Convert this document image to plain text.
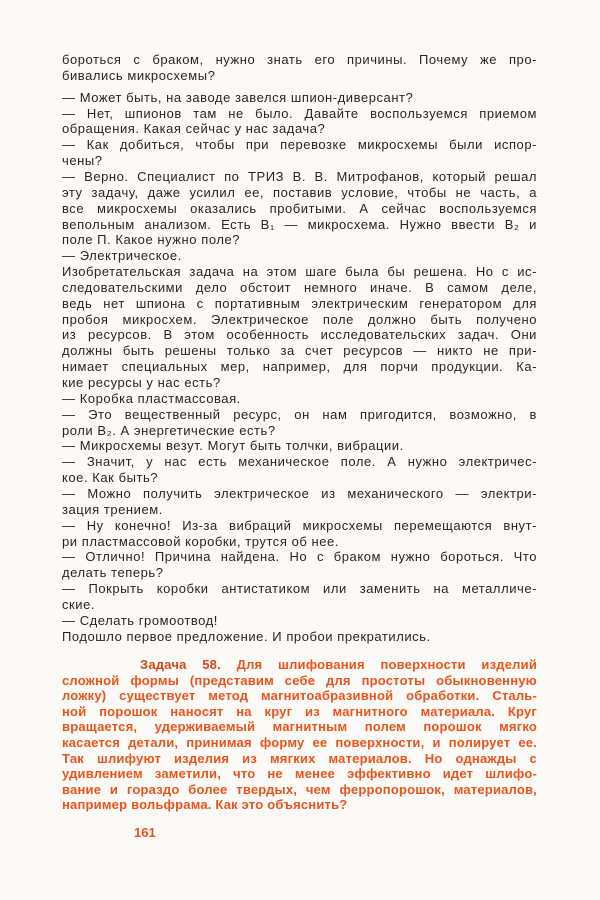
бороться с браком, нужно знать его причины. Почему же про-
бивались микросхемы?
— Может быть, на заводе завелся шпион-диверсант?
— Нет, шпионов там не было. Давайте воспользуемся приемом
обращения. Какая сейчас у нас задача?
— Как добиться, чтобы при перевозке микросхемы были испор-
чены?
— Верно. Специалист по ТРИЗ В. В. Митрофанов, который решал
эту задачу, даже усилил ее, поставив условие, чтобы не часть, а
все микросхемы оказались пробитыми. А сейчас воспользуемся
вепольным анализом. Есть В₁ — микросхема. Нужно ввести В₂ и
поле П. Какое нужно поле?
— Электрическое.
Изобретательская задача на этом шаге была бы решена. Но с ис-
следовательскими дело обстоит немного иначе. В самом деле,
ведь нет шпиона с портативным электрическим генератором для
пробоя микросхем. Электрическое поле должно быть получено
из ресурсов. В этом особенность исследовательских задач. Они
должны быть решены только за счет ресурсов — никто не при-
нимает специальных мер, например, для порчи продукции. Ка-
кие ресурсы у нас есть?
— Коробка пластмассовая.
— Это вещественный ресурс, он нам пригодится, возможно, в
роли В₂. А энергетические есть?
— Микросхемы везут. Могут быть толчки, вибрации.
— Значит, у нас есть механическое поле. А нужно электричес-
кое. Как быть?
— Можно получить электрическое из механического — электри-
зация трением.
— Ну конечно! Из-за вибраций микросхемы перемещаются внут-
ри пластмассовой коробки, трутся об нее.
— Отлично! Причина найдена. Но с браком нужно бороться. Что
делать теперь?
— Покрыть коробки антистатиком или заменить на металличе-
ские.
— Сделать громоотвод!
Подошло первое предложение. И пробои прекратились.
Задача 58. Для шлифования поверхности изделий
сложной формы (представим себе для простоты обыкновенную
ложку) существует метод магнитоабразивной обработки. Сталь-
ной порошок наносят на круг из магнитного материала. Круг
вращается, удерживаемый магнитным полем порошок мягко
касается детали, принимая форму ее поверхности, и полирует ее.
Так шлифуют изделия из мягких материалов. Но однажды с
удивлением заметили, что не менее эффективно идет шлифо-
вание и гораздо более твердых, чем ферропорошок, материалов,
например вольфрама. Как это объяснить?
161
